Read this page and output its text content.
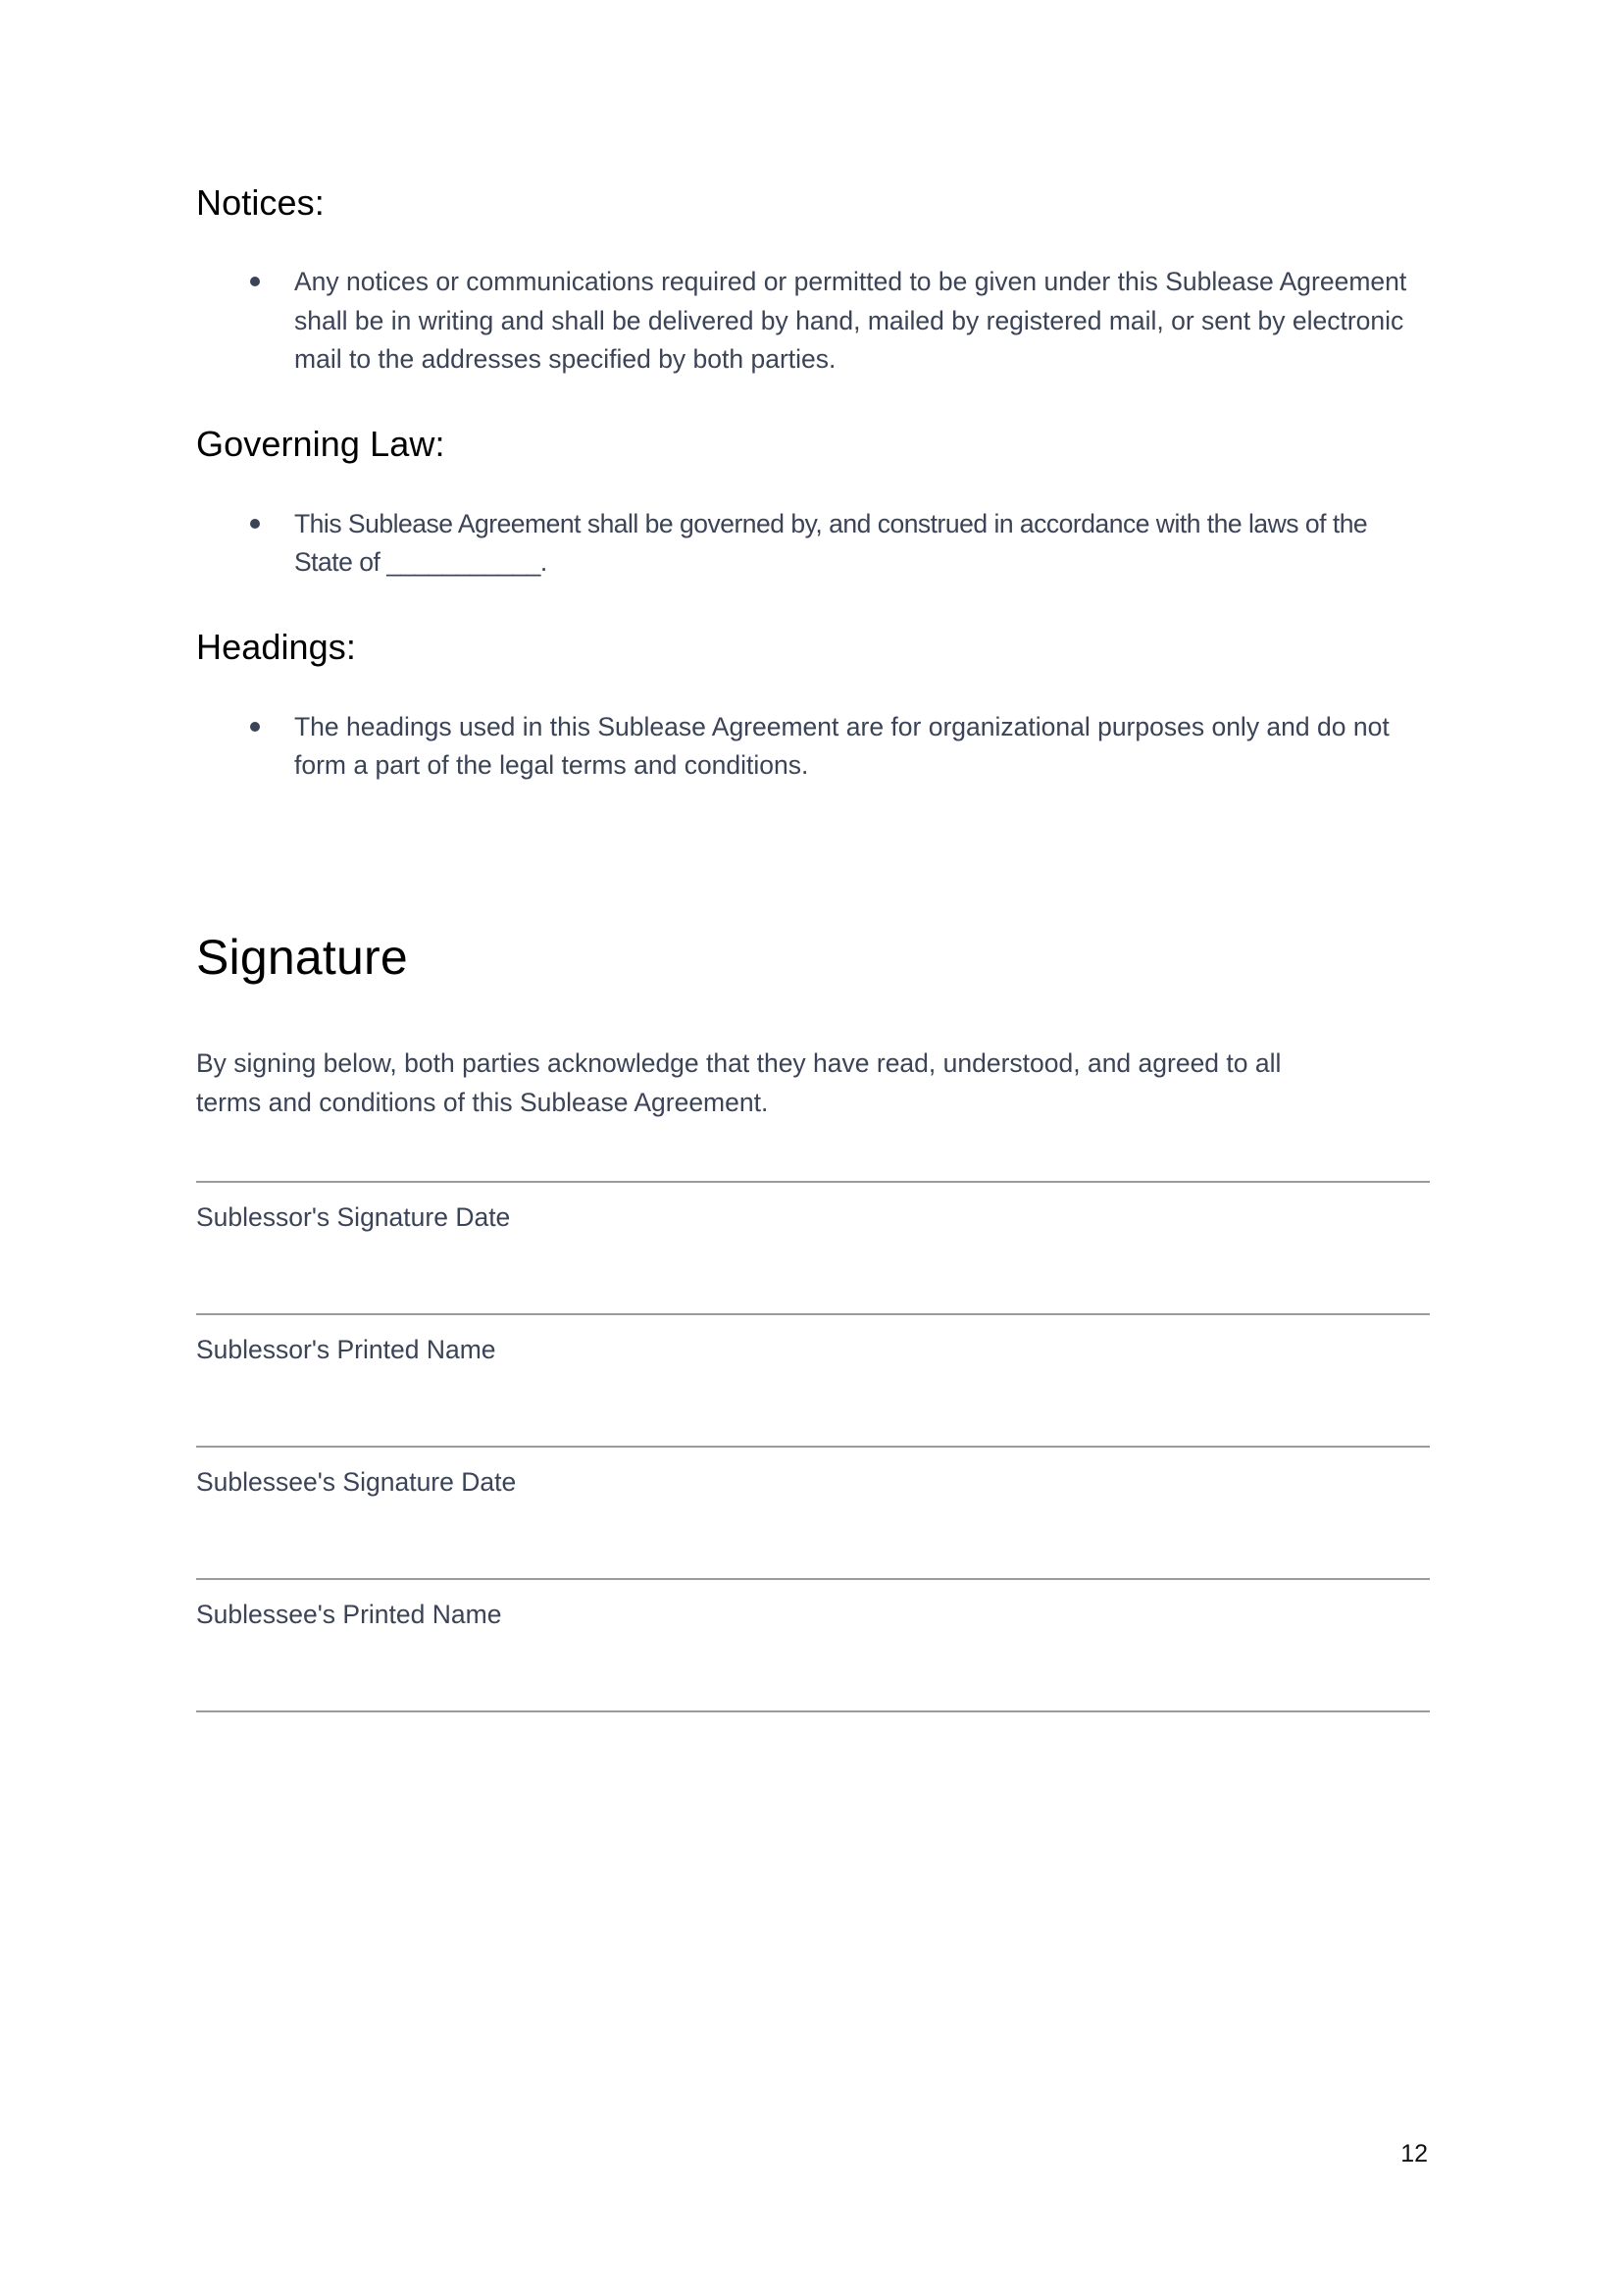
Notices:
Any notices or communications required or permitted to be given under this Sublease Agreement shall be in writing and shall be delivered by hand, mailed by registered mail, or sent by electronic mail to the addresses specified by both parties.
Governing Law:
This Sublease Agreement shall be governed by, and construed in accordance with the laws of the State of ___________.
Headings:
The headings used in this Sublease Agreement are for organizational purposes only and do not form a part of the legal terms and conditions.
Signature

By signing below, both parties acknowledge that they have read, understood, and agreed to all terms and conditions of this Sublease Agreement.

Sublessor's Signature Date
Sublessor's Printed Name
Sublessee's Signature Date
Sublessee's Printed Name
12
